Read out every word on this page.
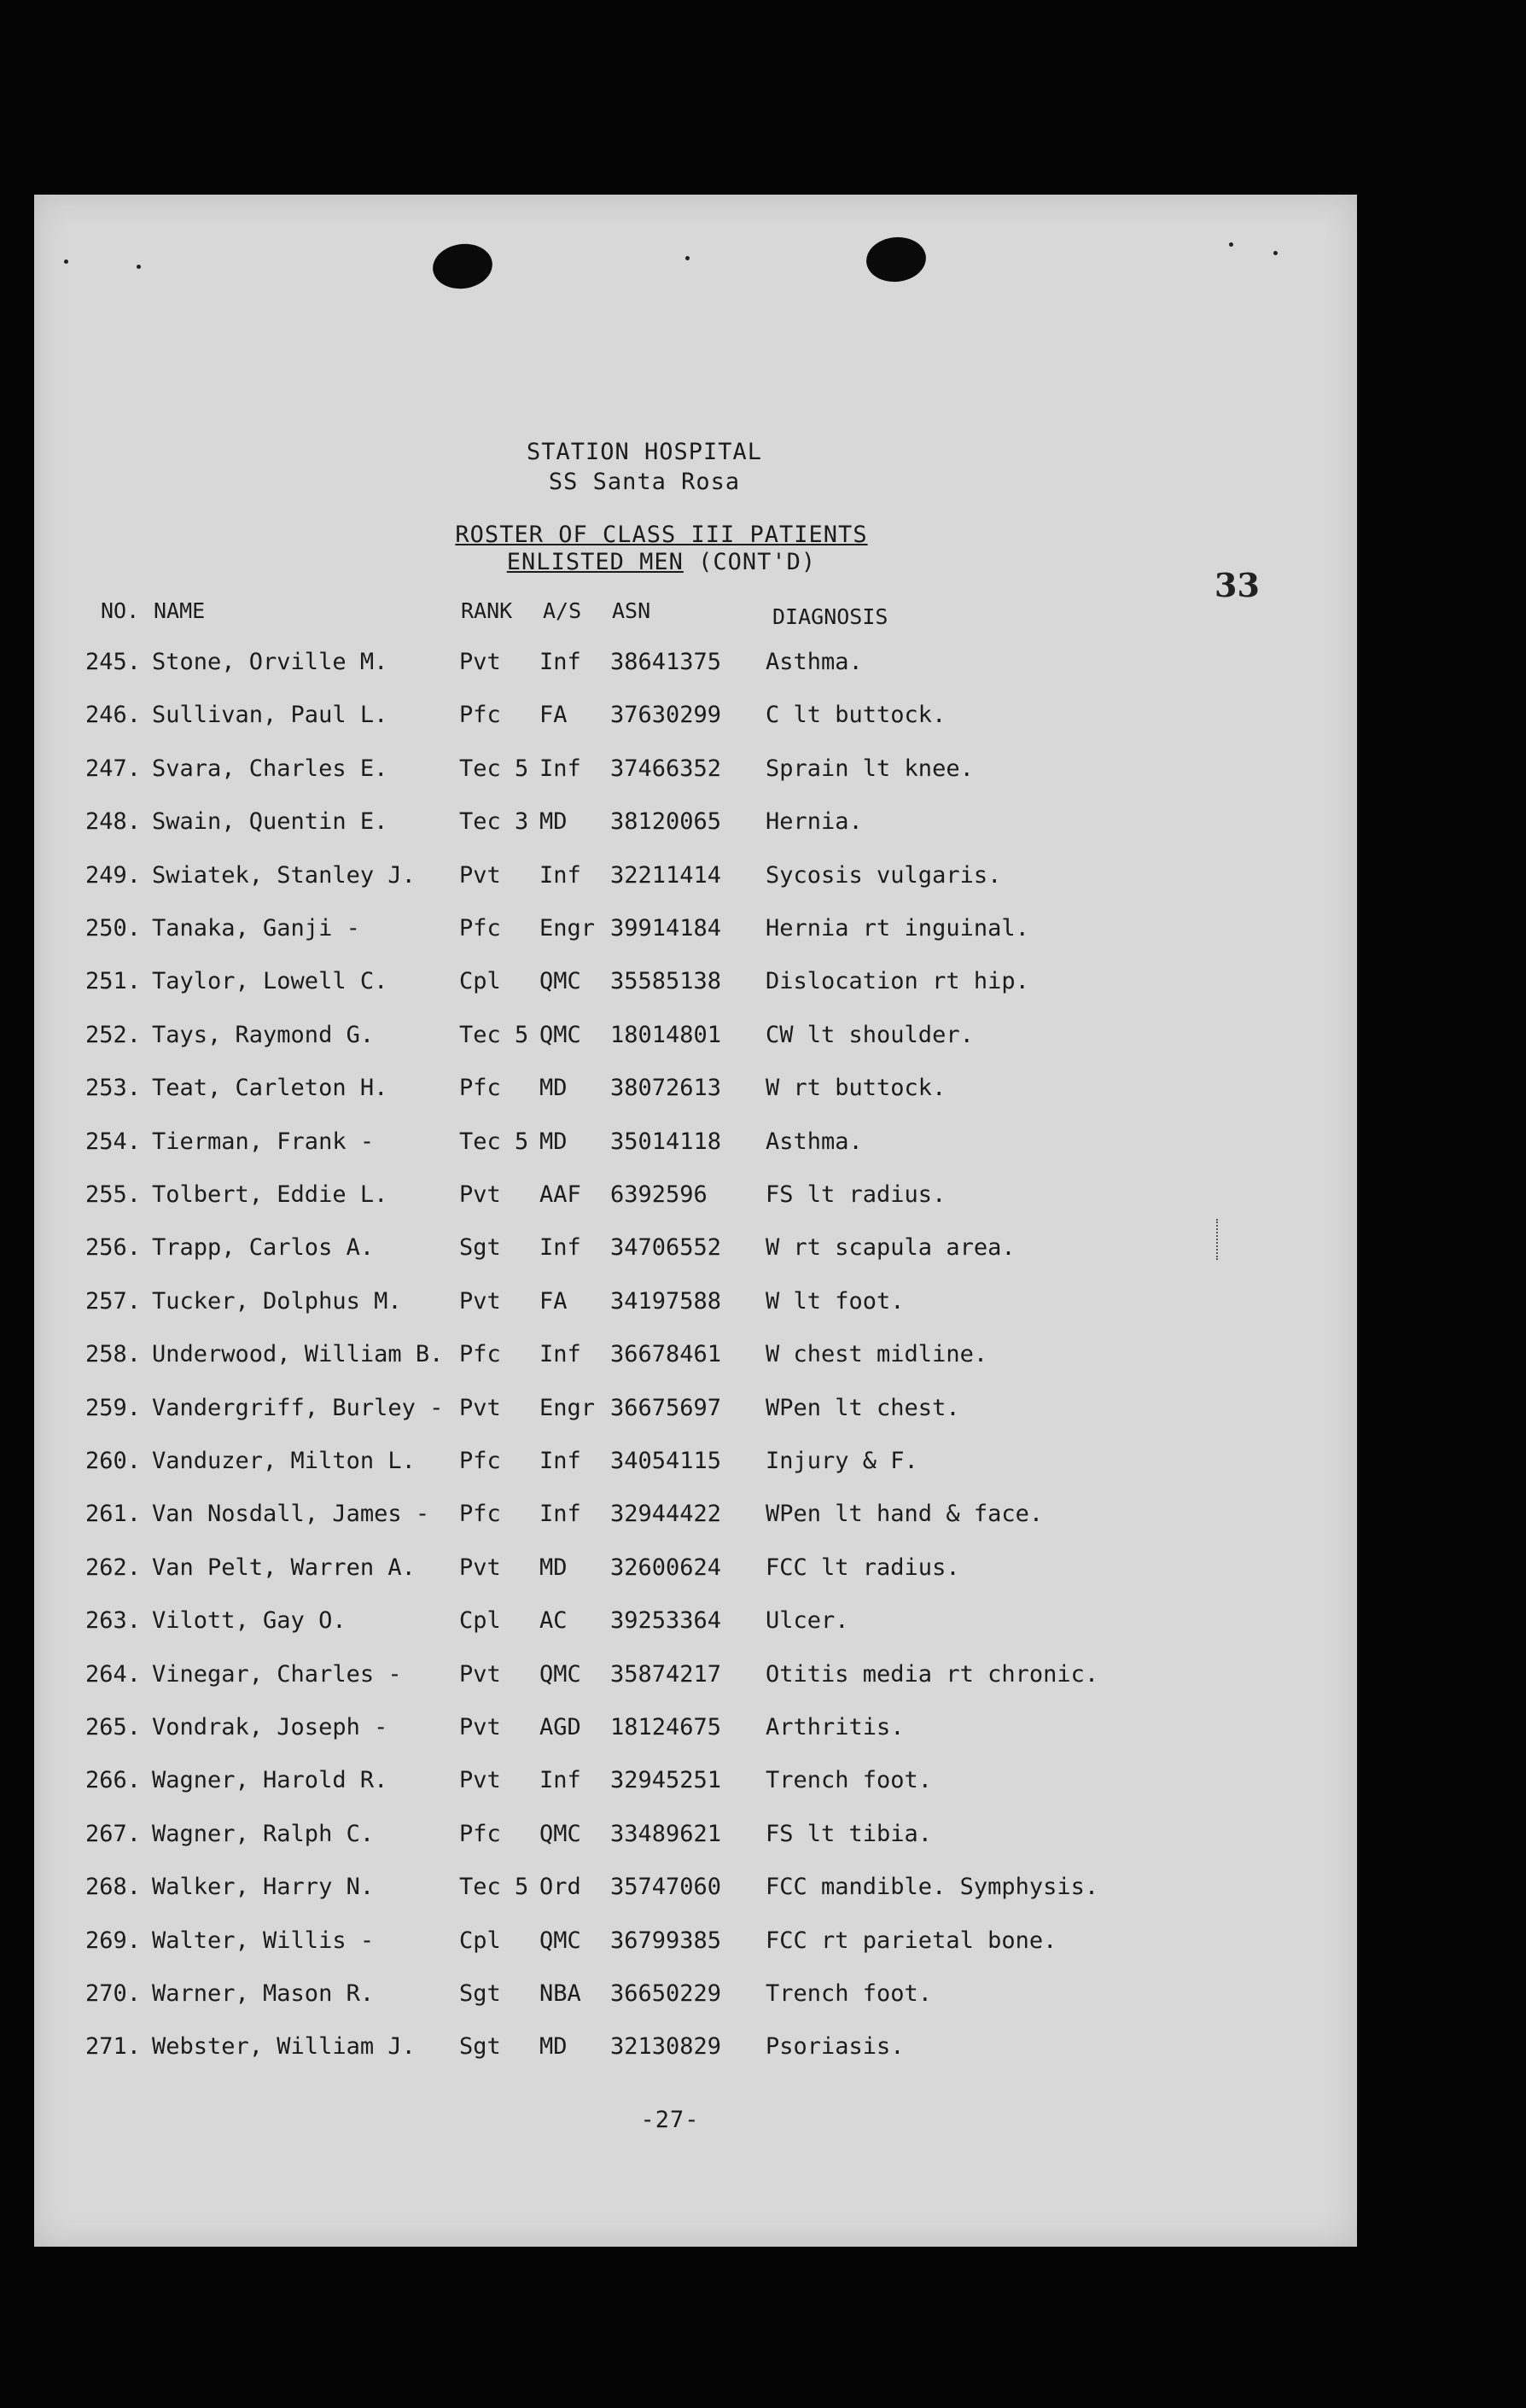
STATION HOSPITAL
SS Santa Rosa
ROSTER OF CLASS III PATIENTS
ENLISTED MEN (CONT'D)
33
NO. NAME	RANK A/S ASN	DIAGNOSIS
245. Stone, Orville M.	Pvt Inf 38641375 Asthma.
246. Sullivan, Paul L.	Pfc FA 37630299 C lt buttock.
247. Svara, Charles E.	Tec 5 Inf 37466352 Sprain lt knee.
248. Swain, Quentin E.	Tec 3 MD 38120065 Hernia.
249. Swiatek, Stanley J. Pvt Inf 32211414 Sycosis vulgaris.
250. Tanaka, Ganji -	Pfc Engr 39914184 Hernia rt inguinal.
251. Taylor, Lowell C.	Cpl QMC 35585138 Dislocation rt hip.
252. Tays, Raymond G.	Tec 5 QMC 18014801 CW lt shoulder.
253. Teat, Carleton H.	Pfc MD 38072613 W rt buttock.
254. Tierman, Frank -	Tec 5 MD 35014118 Asthma.
255. Tolbert, Eddie L.	Pvt AAF 6392596	FS lt radius.
256. Trapp, Carlos A.	Sgt Inf 34706552 W rt scapula area.
257. Tucker, Dolphus M. Pvt FA 34197588 W lt foot.
258. Underwood, William B. Pfc Inf 36678461 W chest midline.
259. Vandergriff, Burley - Pvt Engr 36675697 WPen lt chest.
260. Vanduzer, Milton L. Pfc Inf 34054115 Injury & F.
261. Van Nosdall, James - Pfc Inf 32944422 WPen lt hand & face.
262. Van Pelt, Warren A. Pvt MD 32600624 FCC lt radius.
263. Vilott, Gay O.	Cpl AC 39253364 Ulcer.
264. Vinegar, Charles - Pvt QMC 35874217 Otitis media rt chronic.
265. Vondrak, Joseph -	Pvt AGD 18124675 Arthritis.
266. Wagner, Harold R.	Pvt Inf 32945251 Trench foot.
267. Wagner, Ralph C.	Pfc QMC 33489621 FS lt tibia.
268. Walker, Harry N.	Tec 5 Ord 35747060 FCC mandible. Symphysis.
269. Walter, Willis -	Cpl QMC 36799385 FCC rt parietal bone.
270. Warner, Mason R.	Sgt NBA 36650229 Trench foot.
271. Webster, William J. Sgt MD 32130829 Psoriasis.
-27-
